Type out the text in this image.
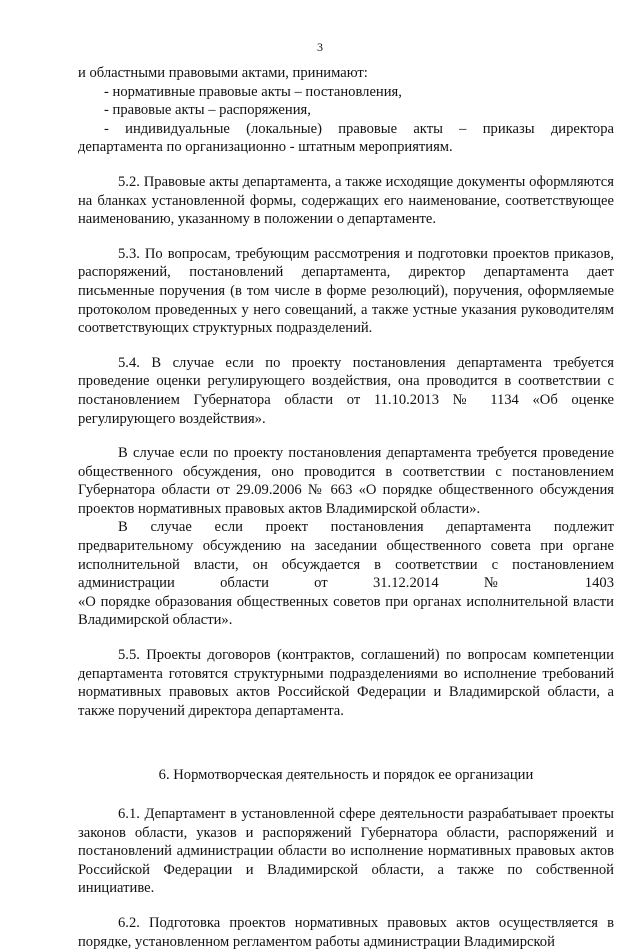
3

и областными правовыми актами, принимают:

- нормативные правовые акты – постановления,

- правовые акты – распоряжения,

- индивидуальные (локальные) правовые акты – приказы директора департамента по организационно - штатным мероприятиям.

5.2. Правовые акты департамента, а также исходящие документы оформляются на бланках установленной формы, содержащих его наименование, соответствующее наименованию, указанному в положении о департаменте.

5.3. По вопросам, требующим рассмотрения и подготовки проектов приказов, распоряжений, постановлений департамента, директор департамента дает письменные поручения (в том числе в форме резолюций), поручения, оформляемые протоколом проведенных у него совещаний, а также устные указания руководителям соответствующих структурных подразделений.

5.4. В случае если по проекту постановления департамента требуется проведение оценки регулирующего воздействия, она проводится в соответствии с постановлением Губернатора области от 11.10.2013 № 1134 «Об оценке регулирующего воздействия».

В случае если по проекту постановления департамента требуется проведение общественного обсуждения, оно проводится в соответствии с постановлением Губернатора области от 29.09.2006 № 663 «О порядке общественного обсуждения проектов нормативных правовых актов Владимирской области».

В случае если проект постановления департамента подлежит предварительному обсуждению на заседании общественного совета при органе исполнительной власти, он обсуждается в соответствии с постановлением администрации области от 31.12.2014 № 1403

«О порядке образования общественных советов при органах исполнительной власти Владимирской области».

5.5. Проекты договоров (контрактов, соглашений) по вопросам компетенции департамента готовятся структурными подразделениями во исполнение требований нормативных правовых актов Российской Федерации и Владимирской области, а также поручений директора департамента.

6. Нормотворческая деятельность и порядок ее организации

6.1. Департамент в установленной сфере деятельности разрабатывает проекты законов области, указов и распоряжений Губернатора области, распоряжений и постановлений администрации области во исполнение нормативных правовых актов Российской Федерации и Владимирской области, а также по собственной инициативе.

6.2. Подготовка проектов нормативных правовых актов осуществляется в порядке, установленном регламентом работы администрации Владимирской
